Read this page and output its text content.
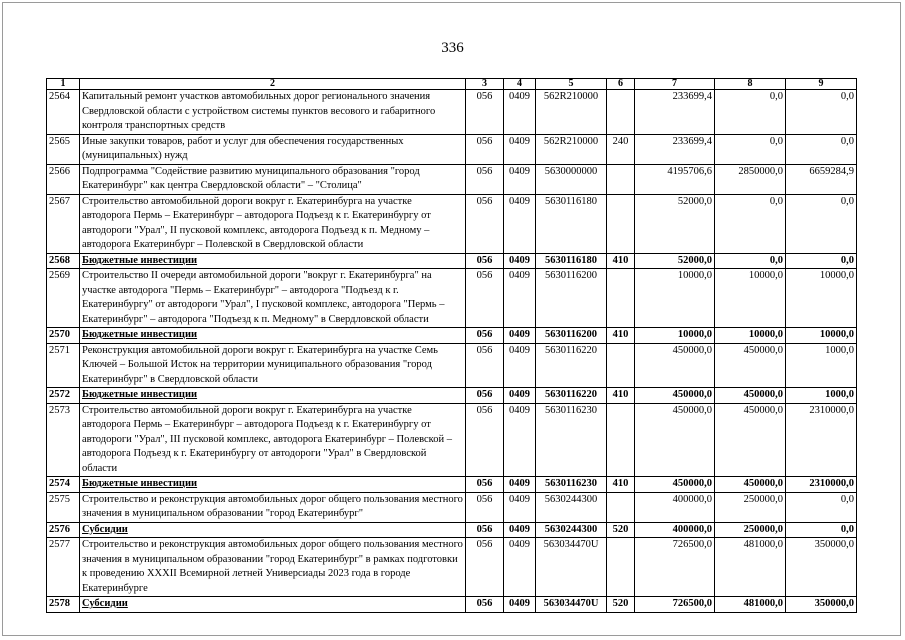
336
1	2	3	4	5	6	7	8	9
2564	Капитальный ремонт участков автомобильных дорог регионального значения Свердловской области с устройством системы пунктов весового и габаритного контроля транспортных средств	056	0409	562R210000		233699,4	0,0	0,0
2565	Иные закупки товаров, работ и услуг для обеспечения государственных (муниципальных) нужд	056	0409	562R210000	240	233699,4	0,0	0,0
2566	Подпрограмма "Содействие развитию муниципального образования "город Екатеринбург" как центра Свердловской области" – "Столица"	056	0409	5630000000		4195706,6	2850000,0	6659284,9
2567	Строительство автомобильной дороги вокруг г. Екатеринбурга на участке автодорога Пермь – Екатеринбург – автодорога Подъезд к г. Екатеринбургу от автодороги "Урал", II пусковой комплекс, автодорога Подъезд к п. Медному – автодорога Екатеринбург – Полевской в Свердловской области	056	0409	5630116180		52000,0	0,0	0,0
2568	Бюджетные инвестиции	056	0409	5630116180	410	52000,0	0,0	0,0
2569	Строительство II очереди автомобильной дороги "вокруг г. Екатеринбурга" на участке автодорога "Пермь – Екатеринбург" – автодорога "Подъезд к г. Екатеринбургу" от автодороги "Урал", I пусковой комплекс, автодорога "Пермь – Екатеринбург" – автодорога "Подъезд к п. Медному" в Свердловской области	056	0409	5630116200		10000,0	10000,0	10000,0
2570	Бюджетные инвестиции	056	0409	5630116200	410	10000,0	10000,0	10000,0
2571	Реконструкция автомобильной дороги вокруг г. Екатеринбурга на участке Семь Ключей – Большой Исток на территории муниципального образования "город Екатеринбург" в Свердловской области	056	0409	5630116220		450000,0	450000,0	1000,0
2572	Бюджетные инвестиции	056	0409	5630116220	410	450000,0	450000,0	1000,0
2573	Строительство автомобильной дороги вокруг г. Екатеринбурга на участке автодорога Пермь – Екатеринбург – автодорога Подъезд к г. Екатеринбургу от автодороги "Урал", III пусковой комплекс, автодорога Екатеринбург – Полевской – автодорога Подъезд к г. Екатеринбургу от автодороги "Урал" в Свердловской области	056	0409	5630116230		450000,0	450000,0	2310000,0
2574	Бюджетные инвестиции	056	0409	5630116230	410	450000,0	450000,0	2310000,0
2575	Строительство и реконструкция автомобильных дорог общего пользования местного значения в муниципальном образовании "город Екатеринбург"	056	0409	5630244300		400000,0	250000,0	0,0
2576	Субсидии	056	0409	5630244300	520	400000,0	250000,0	0,0
2577	Строительство и реконструкция автомобильных дорог общего пользования местного значения в муниципальном образовании "город Екатеринбург" в рамках подготовки к проведению XXXII Всемирной летней Универсиады 2023 года в городе Екатеринбурге	056	0409	563034470U		726500,0	481000,0	350000,0
2578	Субсидии	056	0409	563034470U	520	726500,0	481000,0	350000,0
